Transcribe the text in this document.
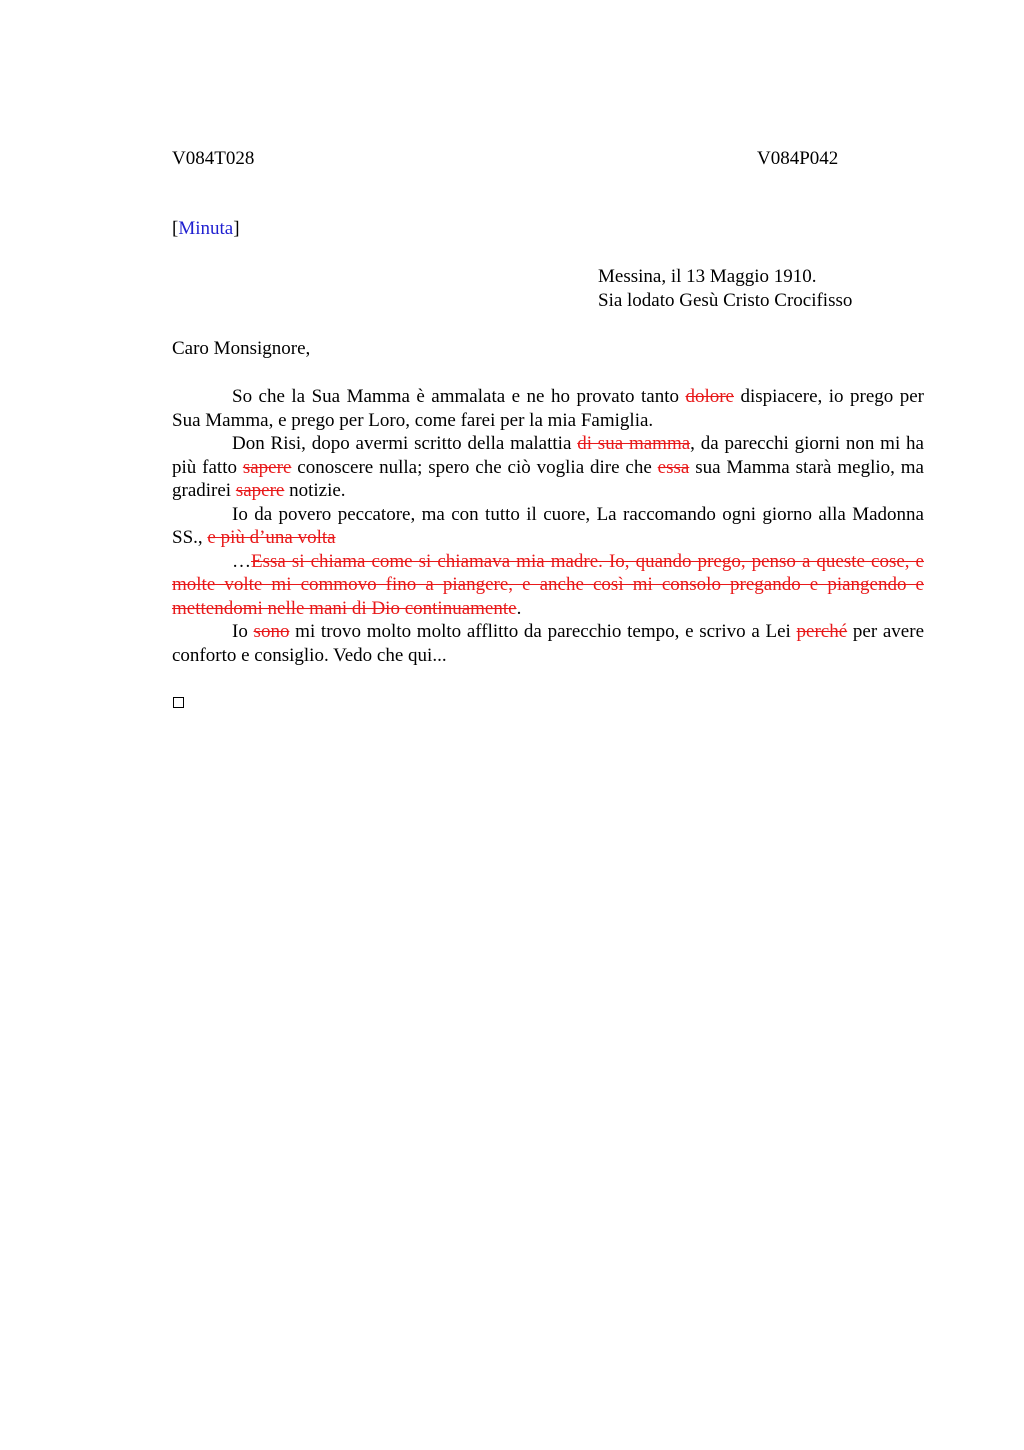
V084T028	V084P042
[Minuta]
Messina, il 13 Maggio 1910.
Sia lodato Gesù Cristo Crocifisso
Caro Monsignore,

So che la Sua Mamma è ammalata e ne ho provato tanto dolore dispiacere, io prego per Sua Mamma, e prego per Loro, come farei per la mia Famiglia.

Don Risi, dopo avermi scritto della malattia di sua mamma, da parecchi giorni non mi ha più fatto sapere conoscere nulla; spero che ciò voglia dire che essa sua Mamma starà meglio, ma gradirei sapere notizie.

Io da povero peccatore, ma con tutto il cuore, La raccomando ogni giorno alla Madonna SS., e più d’una volta

…Essa si chiama come si chiamava mia madre. Io, quando prego, penso a queste cose, e molte volte mi commovo fino a piangere, e anche così mi consolo pregando e piangendo e mettendomi nelle mani di Dio continuamente.

Io sono mi trovo molto molto afflitto da parecchio tempo, e scrivo a Lei perché per avere conforto e consiglio. Vedo che qui...
